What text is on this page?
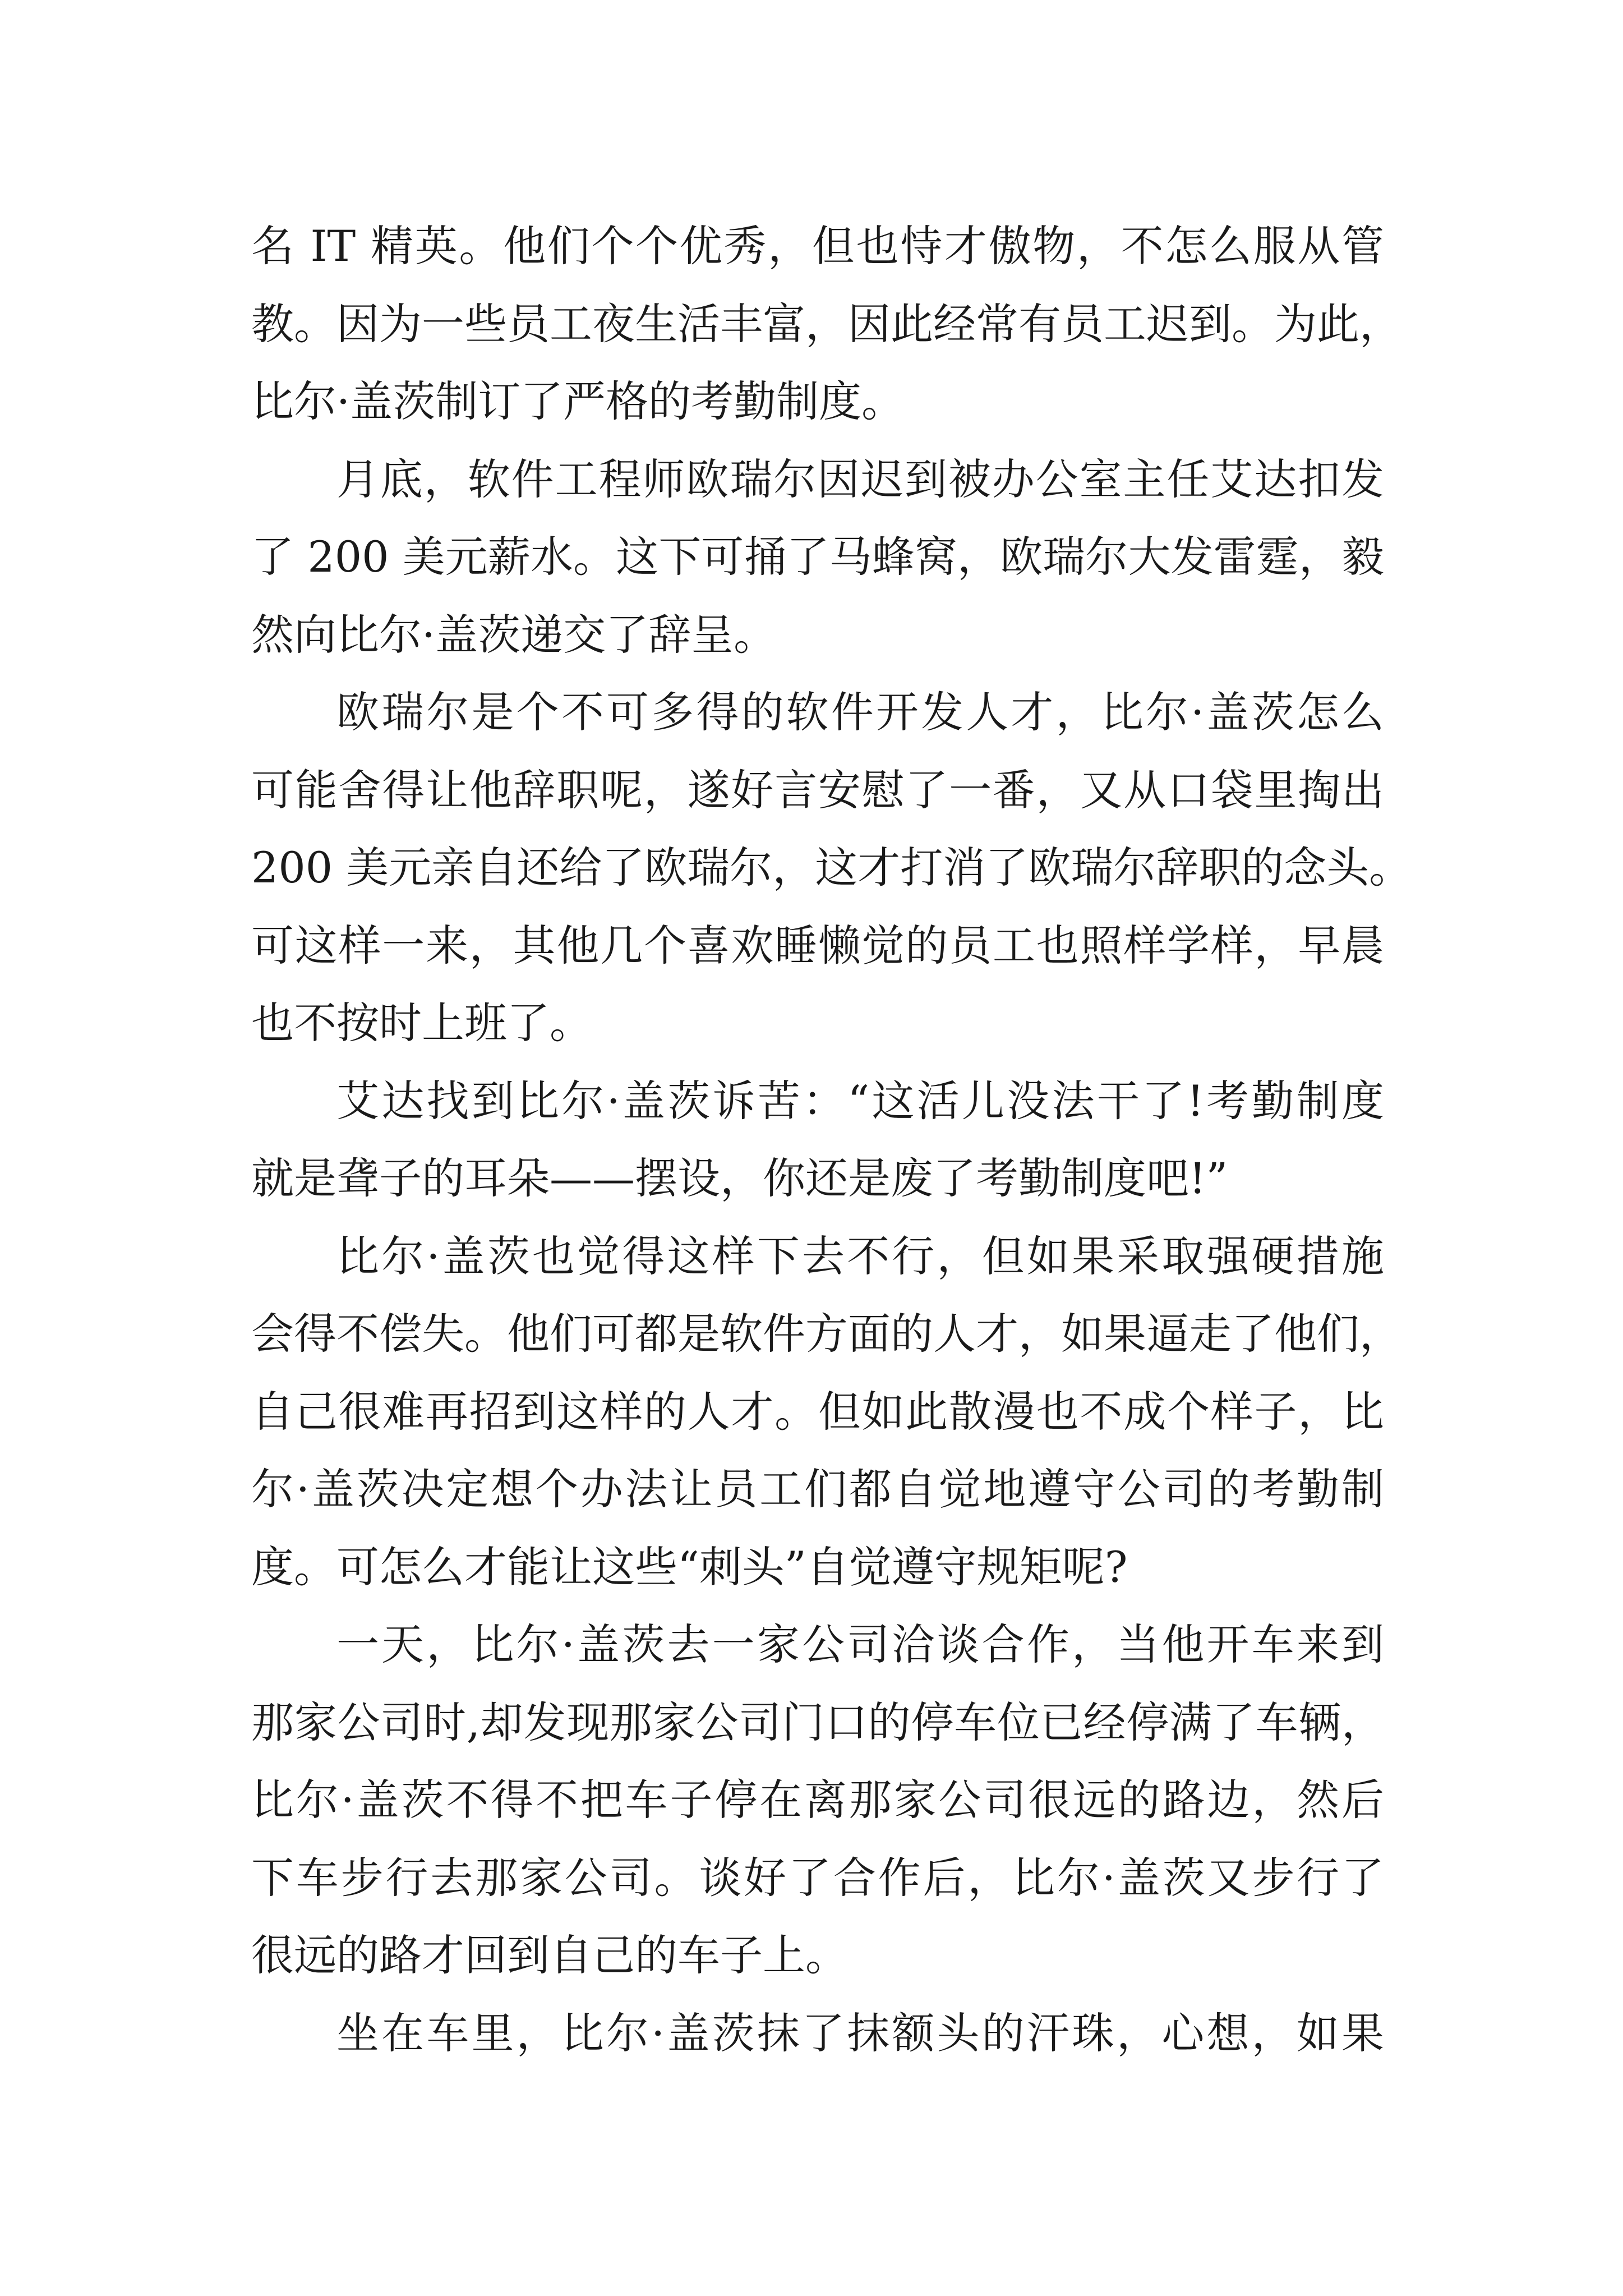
名 IT 精英。他们个个优秀，但也恃才傲物，不怎么服从管
教。因为一些员工夜生活丰富，因此经常有员工迟到。为此，
比尔·盖茨制订了严格的考勤制度。
月底，软件工程师欧瑞尔因迟到被办公室主任艾达扣发
了 200 美元薪水。这下可捅了马蜂窝，欧瑞尔大发雷霆，毅
然向比尔·盖茨递交了辞呈。
欧瑞尔是个不可多得的软件开发人才，比尔·盖茨怎么
可能舍得让他辞职呢，遂好言安慰了一番，又从口袋里掏出
200 美元亲自还给了欧瑞尔，这才打消了欧瑞尔辞职的念头。
可这样一来，其他几个喜欢睡懒觉的员工也照样学样，早晨
也不按时上班了。
艾达找到比尔·盖茨诉苦：“这活儿没法干了!考勤制度
就是聋子的耳朵——摆设，你还是废了考勤制度吧!”
比尔·盖茨也觉得这样下去不行，但如果采取强硬措施
会得不偿失。他们可都是软件方面的人才，如果逼走了他们，
自己很难再招到这样的人才。但如此散漫也不成个样子，比
尔·盖茨决定想个办法让员工们都自觉地遵守公司的考勤制
度。可怎么才能让这些“刺头”自觉遵守规矩呢?
一天，比尔·盖茨去一家公司洽谈合作，当他开车来到
那家公司时,却发现那家公司门口的停车位已经停满了车辆，
比尔·盖茨不得不把车子停在离那家公司很远的路边，然后
下车步行去那家公司。谈好了合作后，比尔·盖茨又步行了
很远的路才回到自己的车子上。
坐在车里，比尔·盖茨抹了抹额头的汗珠，心想，如果
